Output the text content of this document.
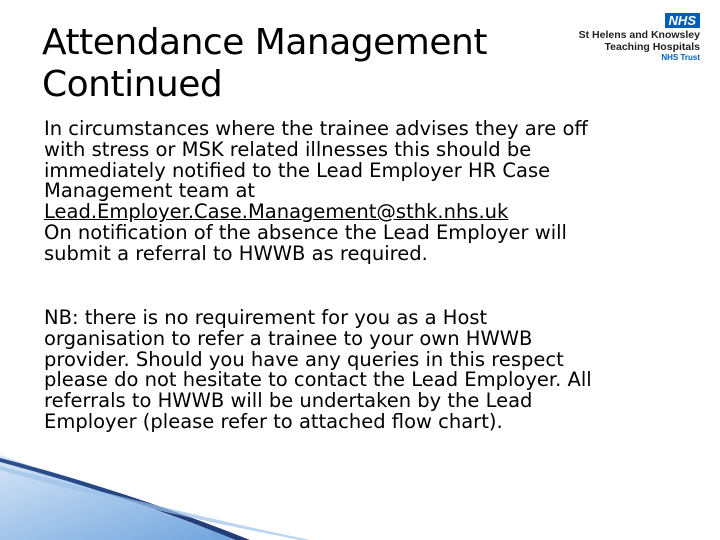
Attendance Management
Continued
NHS
St Helens and Knowsley
Teaching Hospitals
NHS Trust
In circumstances where the trainee advises they are off
with stress or MSK related illnesses this should be
immediately notified to the Lead Employer HR Case
Management team at
Lead.Employer.Case.Management@sthk.nhs.uk
On notification of the absence the Lead Employer will
submit a referral to HWWB as required.
NB: there is no requirement for you as a Host
organisation to refer a trainee to your own HWWB
provider. Should you have any queries in this respect
please do not hesitate to contact the Lead Employer. All
referrals to HWWB will be undertaken by the Lead
Employer (please refer to attached flow chart).
